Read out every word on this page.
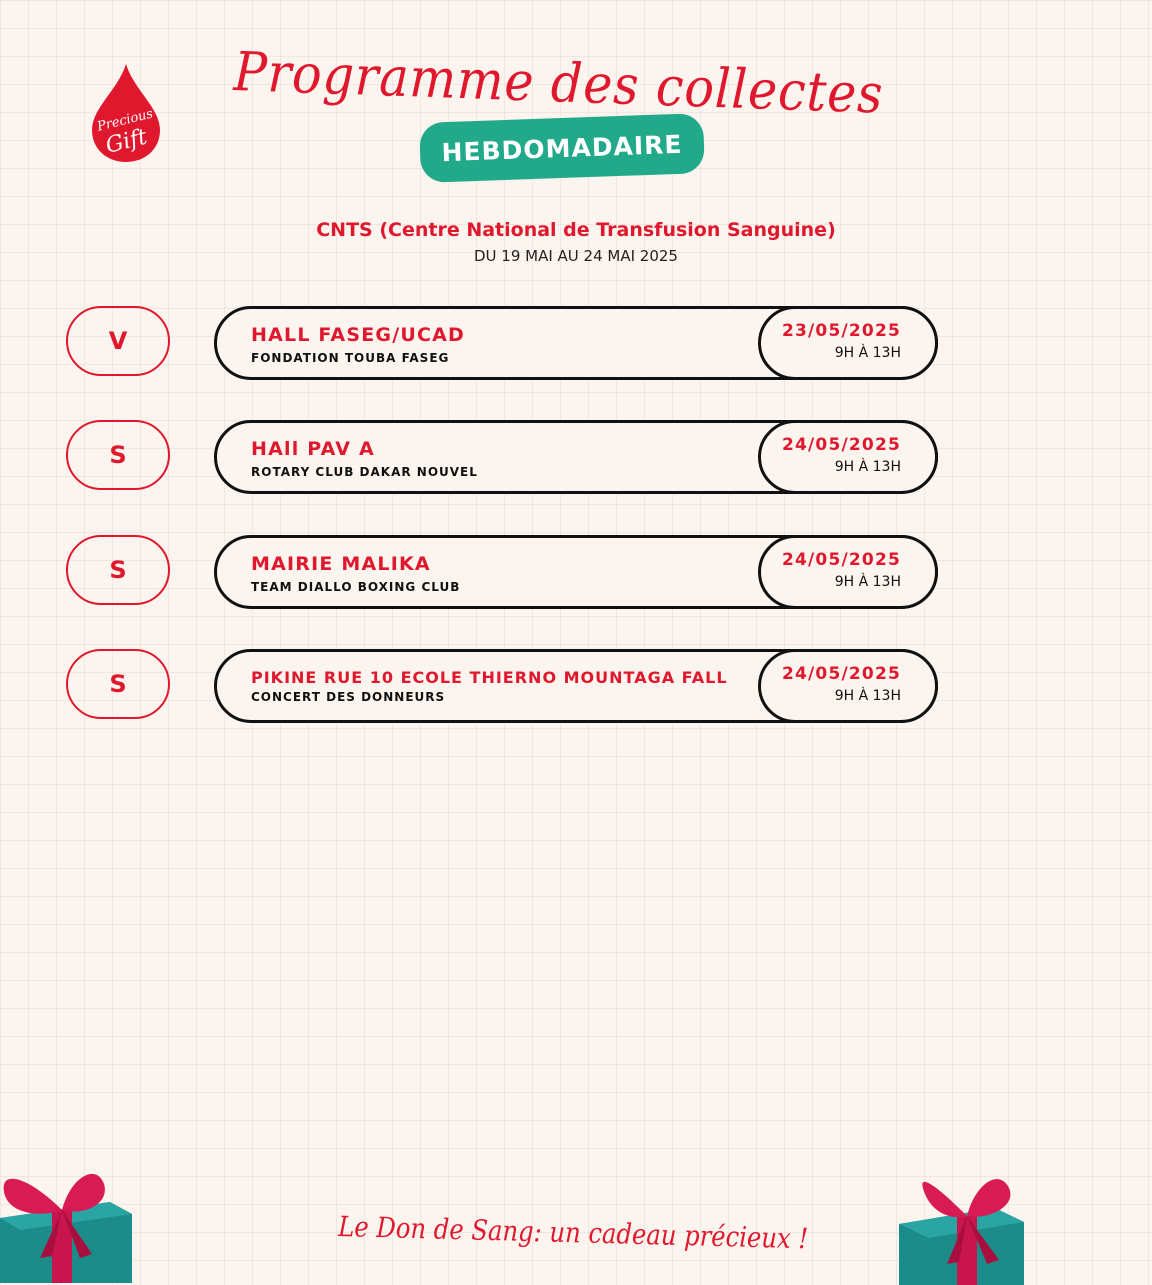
Precious
Gift
Programme des collectes
HEBDOMADAIRE
CNTS (Centre National de Transfusion Sanguine)
DU 19 MAI AU 24 MAI 2025
V	HALL FASEG/UCAD
FONDATION TOUBA FASEG
23/05/2025
9H À 13H
S	HAll PAV A
ROTARY CLUB DAKAR NOUVEL
24/05/2025
9H À 13H
S	MAIRIE MALIKA
TEAM DIALLO BOXING CLUB
24/05/2025
9H À 13H
S	PIKINE RUE 10 ECOLE THIERNO MOUNTAGA FALL
CONCERT DES DONNEURS
24/05/2025
9H À 13H
Le Don de Sang: un cadeau précieux !
